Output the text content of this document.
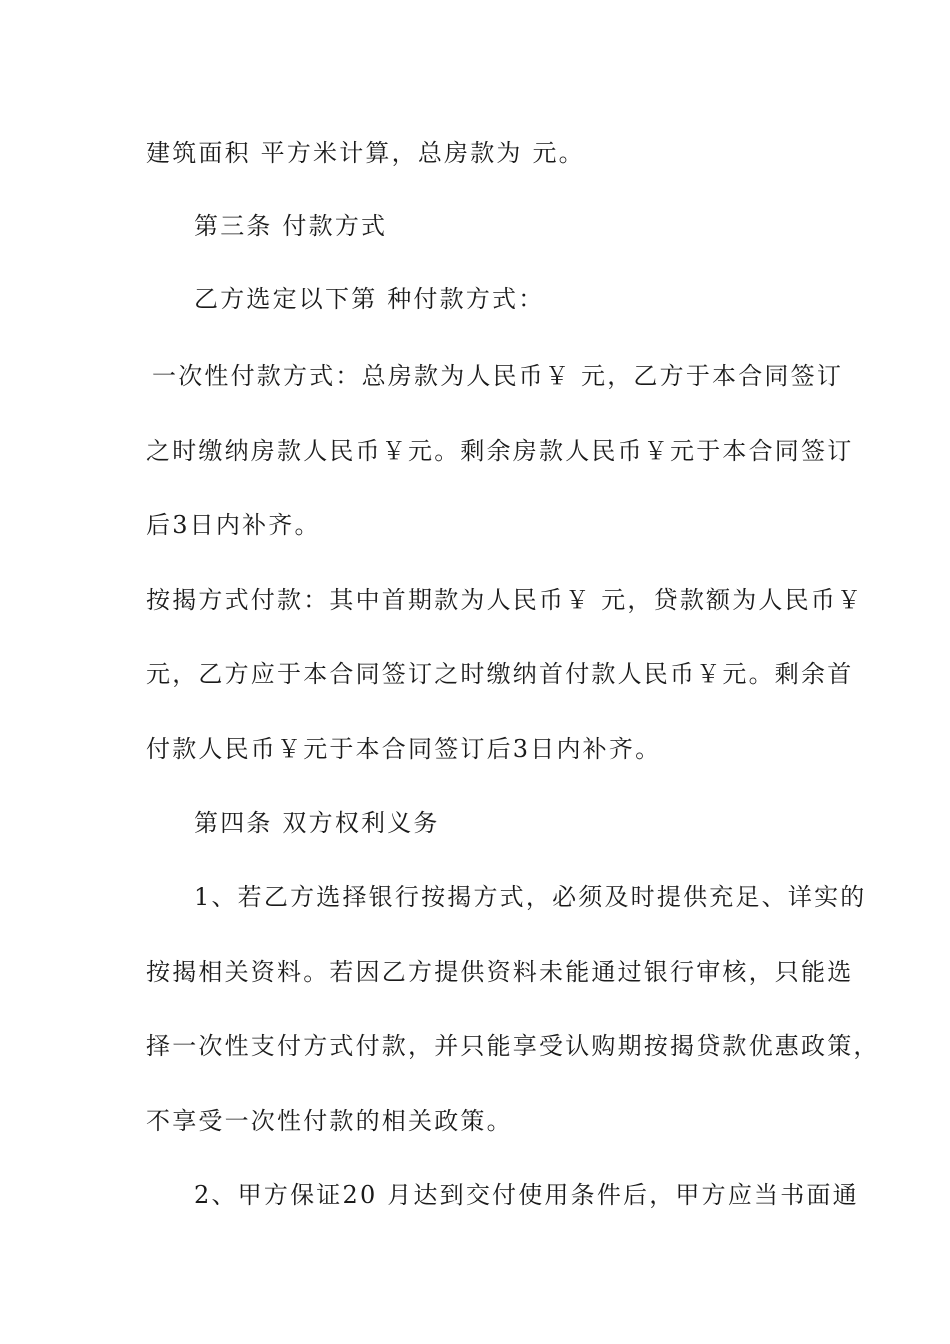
建筑面积 平方米计算，总房款为 元。
第三条 付款方式
乙方选定以下第 种付款方式：
一次性付款方式：总房款为人民币￥ 元，乙方于本合同签订
之时缴纳房款人民币￥元。剩余房款人民币￥元于本合同签订
后3日内补齐。
按揭方式付款：其中首期款为人民币￥ 元，贷款额为人民币￥
元，乙方应于本合同签订之时缴纳首付款人民币￥元。剩余首
付款人民币￥元于本合同签订后3日内补齐。
第四条 双方权利义务
1、若乙方选择银行按揭方式，必须及时提供充足、详实的
按揭相关资料。若因乙方提供资料未能通过银行审核，只能选
择一次性支付方式付款，并只能享受认购期按揭贷款优惠政策，
不享受一次性付款的相关政策。
2、甲方保证20 月达到交付使用条件后，甲方应当书面通
